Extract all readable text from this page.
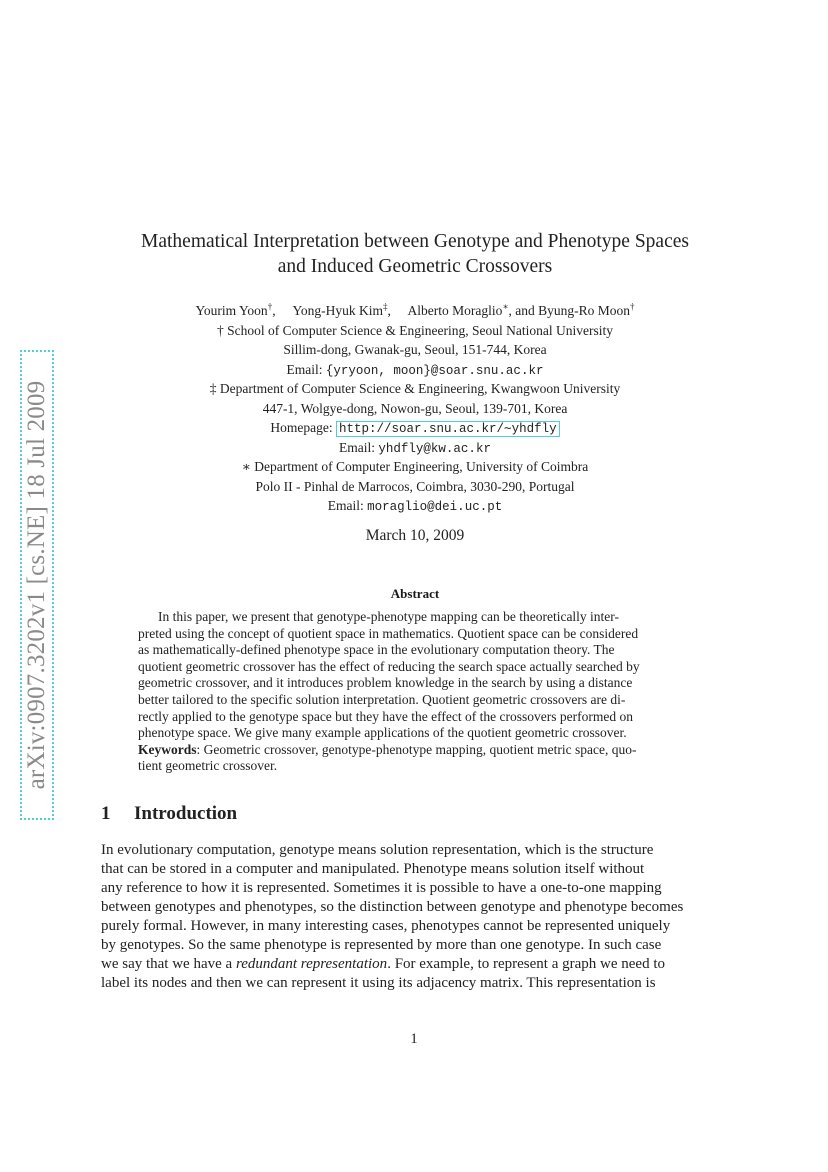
arXiv:0907.3202v1 [cs.NE] 18 Jul 2009
Mathematical Interpretation between Genotype and Phenotype Spaces
and Induced Geometric Crossovers
Yourim Yoon†, Yong-Hyuk Kim‡, Alberto Moraglio∗, and Byung-Ro Moon†
† School of Computer Science & Engineering, Seoul National University
Sillim-dong, Gwanak-gu, Seoul, 151-744, Korea
Email: {yryoon, moon}@soar.snu.ac.kr
‡ Department of Computer Science & Engineering, Kwangwoon University
447-1, Wolgye-dong, Nowon-gu, Seoul, 139-701, Korea
Homepage: http://soar.snu.ac.kr/∼yhdfly
Email: yhdfly@kw.ac.kr
∗ Department of Computer Engineering, University of Coimbra
Polo II - Pinhal de Marrocos, Coimbra, 3030-290, Portugal
Email: moraglio@dei.uc.pt
March 10, 2009
Abstract
In this paper, we present that genotype-phenotype mapping can be theoretically inter-
preted using the concept of quotient space in mathematics. Quotient space can be considered
as mathematically-defined phenotype space in the evolutionary computation theory. The
quotient geometric crossover has the effect of reducing the search space actually searched by
geometric crossover, and it introduces problem knowledge in the search by using a distance
better tailored to the specific solution interpretation. Quotient geometric crossovers are di-
rectly applied to the genotype space but they have the effect of the crossovers performed on
phenotype space. We give many example applications of the quotient geometric crossover.
Keywords : Geometric crossover, genotype-phenotype mapping, quotient metric space, quo-
tient geometric crossover.
1 Introduction
In evolutionary computation, genotype means solution representation, which is the structure
that can be stored in a computer and manipulated. Phenotype means solution itself without
any reference to how it is represented. Sometimes it is possible to have a one-to-one mapping
between genotypes and phenotypes, so the distinction between genotype and phenotype becomes
purely formal. However, in many interesting cases, phenotypes cannot be represented uniquely
by genotypes. So the same phenotype is represented by more than one genotype. In such case
we say that we have a
redundant representation . For example, to represent a graph we need to
label its nodes and then we can represent it using its adjacency matrix. This representation is
1
